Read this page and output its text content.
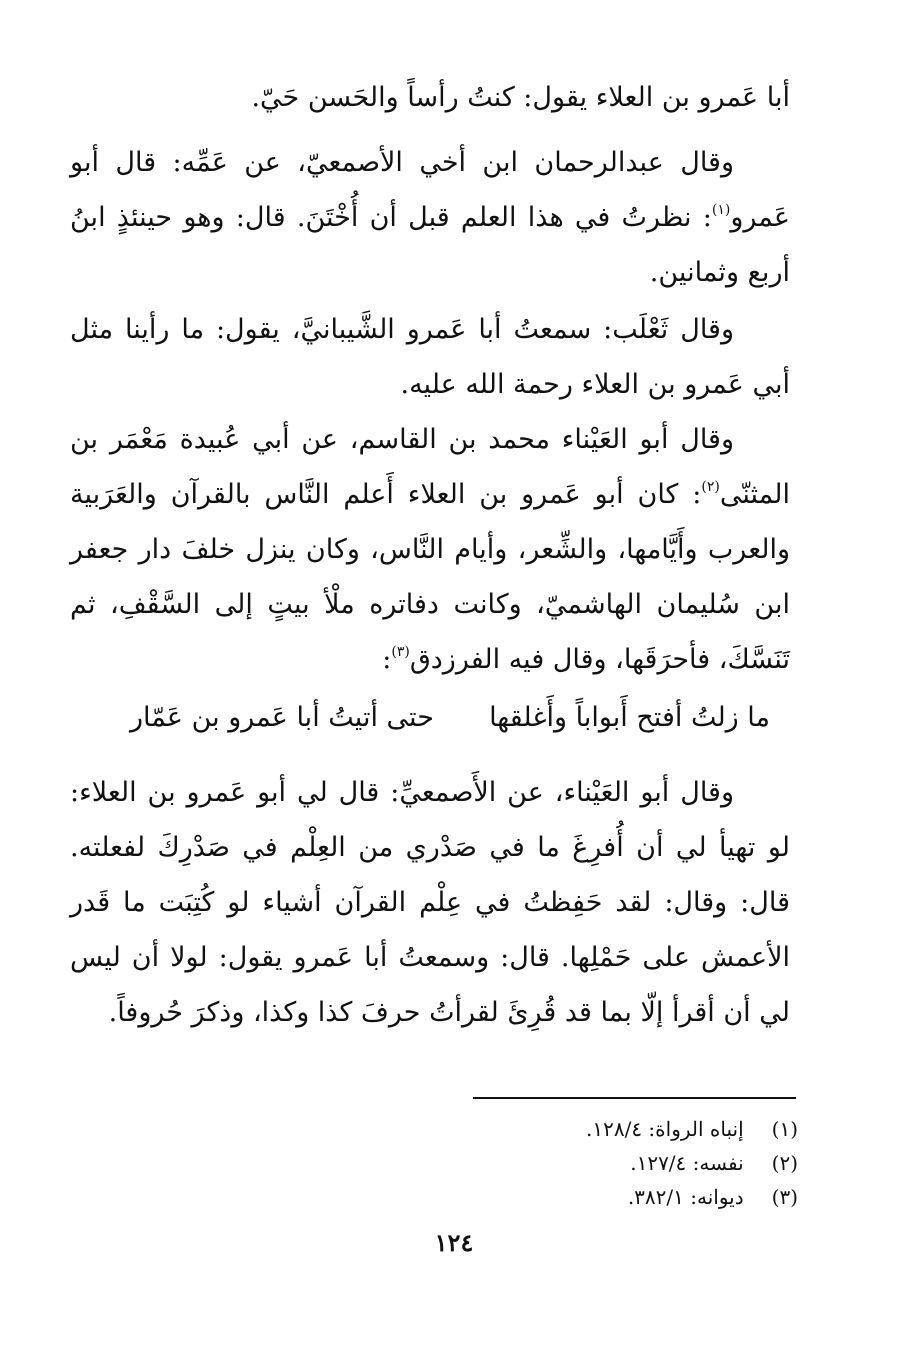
أبا عَمرو بن العلاء يقول: كنتُ رأساً والحَسن حَيّ.

وقال عبدالرحمان ابن أخي الأصمعيّ، عن عَمِّه: قال أبو عَمرو$^{(١)}$: نظرتُ في هذا العلم قبل أن أُخْتَنَ. قال: وهو حينئذٍ ابنُ أربع وثمانين.

وقال ثَعْلَب: سمعتُ أبا عَمرو الشَّيبانيَّ، يقول: ما رأينا مثل أبي عَمرو بن العلاء رحمة الله عليه.

وقال أبو العَيْناء محمد بن القاسم، عن أبي عُبيدة مَعْمَر بن المثنّى$^{(٢)}$: كان أبو عَمرو بن العلاء أَعلم النَّاس بالقرآن والعَرَبية والعرب وأَيَّامها، والشِّعر، وأيام النَّاس، وكان ينزل خلفَ دار جعفر ابن سُليمان الهاشميّ، وكانت دفاتره ملْأ بيتٍ إلى السَّقْفِ، ثم تَنَسَّكَ، فأحرَقَها، وقال فيه الفرزدق$^{(٣)}$:

ما زلتُ أفتح أَبواباً وأَغلقها
حتى أتيتُ أبا عَمرو بن عَمّار

وقال أبو العَيْناء، عن الأَصمعيِّ: قال لي أبو عَمرو بن العلاء: لو تهيأ لي أن أُفرِغَ ما في صَدْري من العِلْم في صَدْرِكَ لفعلته. قال: وقال: لقد حَفِظتُ في عِلْم القرآن أشياء لو كُتِبَت ما قَدر الأعمش على حَمْلِها. قال: وسمعتُ أبا عَمرو يقول: لولا أن ليس لي أن أقرأ إلّا بما قد قُرِئَ لقرأتُ حرفَ كذا وكذا، وذكرَ حُروفاً.

(١) إنباه الرواة: ١٢٨/٤.
(٢) نفسه: ١٢٧/٤.
(٣) ديوانه: ٣٨٢/١.
١٢٤
